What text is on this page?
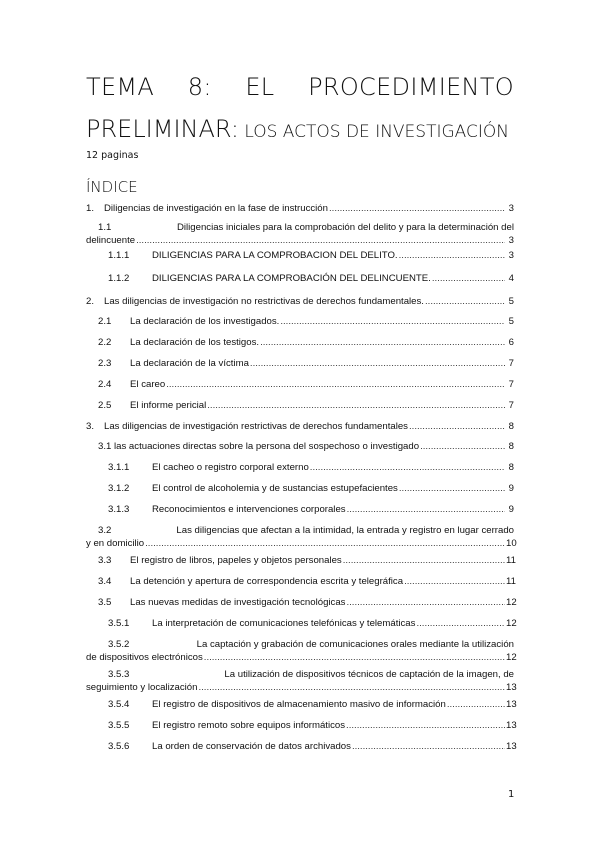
TEMA 8: EL PROCEDIMIENTO
PRELIMINAR: LOS ACTOS DE INVESTIGACIÓN
12 paginas
ÍNDICE
1.	Diligencias de investigación en la fase de instrucción .....	3
1.1	Diligencias iniciales para la comprobación del delito y para la determinación del
delincuente .....	3
1.1.1	DILIGENCIAS PARA LA COMPROBACION DEL DELITO. .....	3
1.1.2	DILIGENCIAS PARA LA COMPROBACIÓN DEL DELINCUENTE. .....	4
2.	Las diligencias de investigación no restrictivas de derechos fundamentales. .....	5
2.1	La declaración de los investigados. .....	5
2.2	La declaración de los testigos. .....	6
2.3	La declaración de la víctima .....	7
2.4	El careo .....	7
2.5	El informe pericial .....	7
3.	Las diligencias de investigación restrictivas de derechos fundamentales .....	8
3.1 las actuaciones directas sobre la persona del sospechoso o investigado .....	8
3.1.1	El cacheo o registro corporal externo .....	8
3.1.2	El control de alcoholemia y de sustancias estupefacientes .....	9
3.1.3	Reconocimientos e intervenciones corporales .....	9
3.2	Las diligencias que afectan a la intimidad, la entrada y registro en lugar cerrado
y en domicilio .....	10
3.3	El registro de libros, papeles y objetos personales .....	11
3.4	La detención y apertura de correspondencia escrita y telegráfica .....	11
3.5	Las nuevas medidas de investigación tecnológicas .....	12
3.5.1	La interpretación de comunicaciones telefónicas y telemáticas .....	12
3.5.2	La captación y grabación de comunicaciones orales mediante la utilización
de dispositivos electrónicos .....	12
3.5.3	La utilización de dispositivos técnicos de captación de la imagen, de
seguimiento y localización .....	13
3.5.4	El registro de dispositivos de almacenamiento masivo de información .....	13
3.5.5	El registro remoto sobre equipos informáticos .....	13
3.5.6	La orden de conservación de datos archivados .....	13
1
